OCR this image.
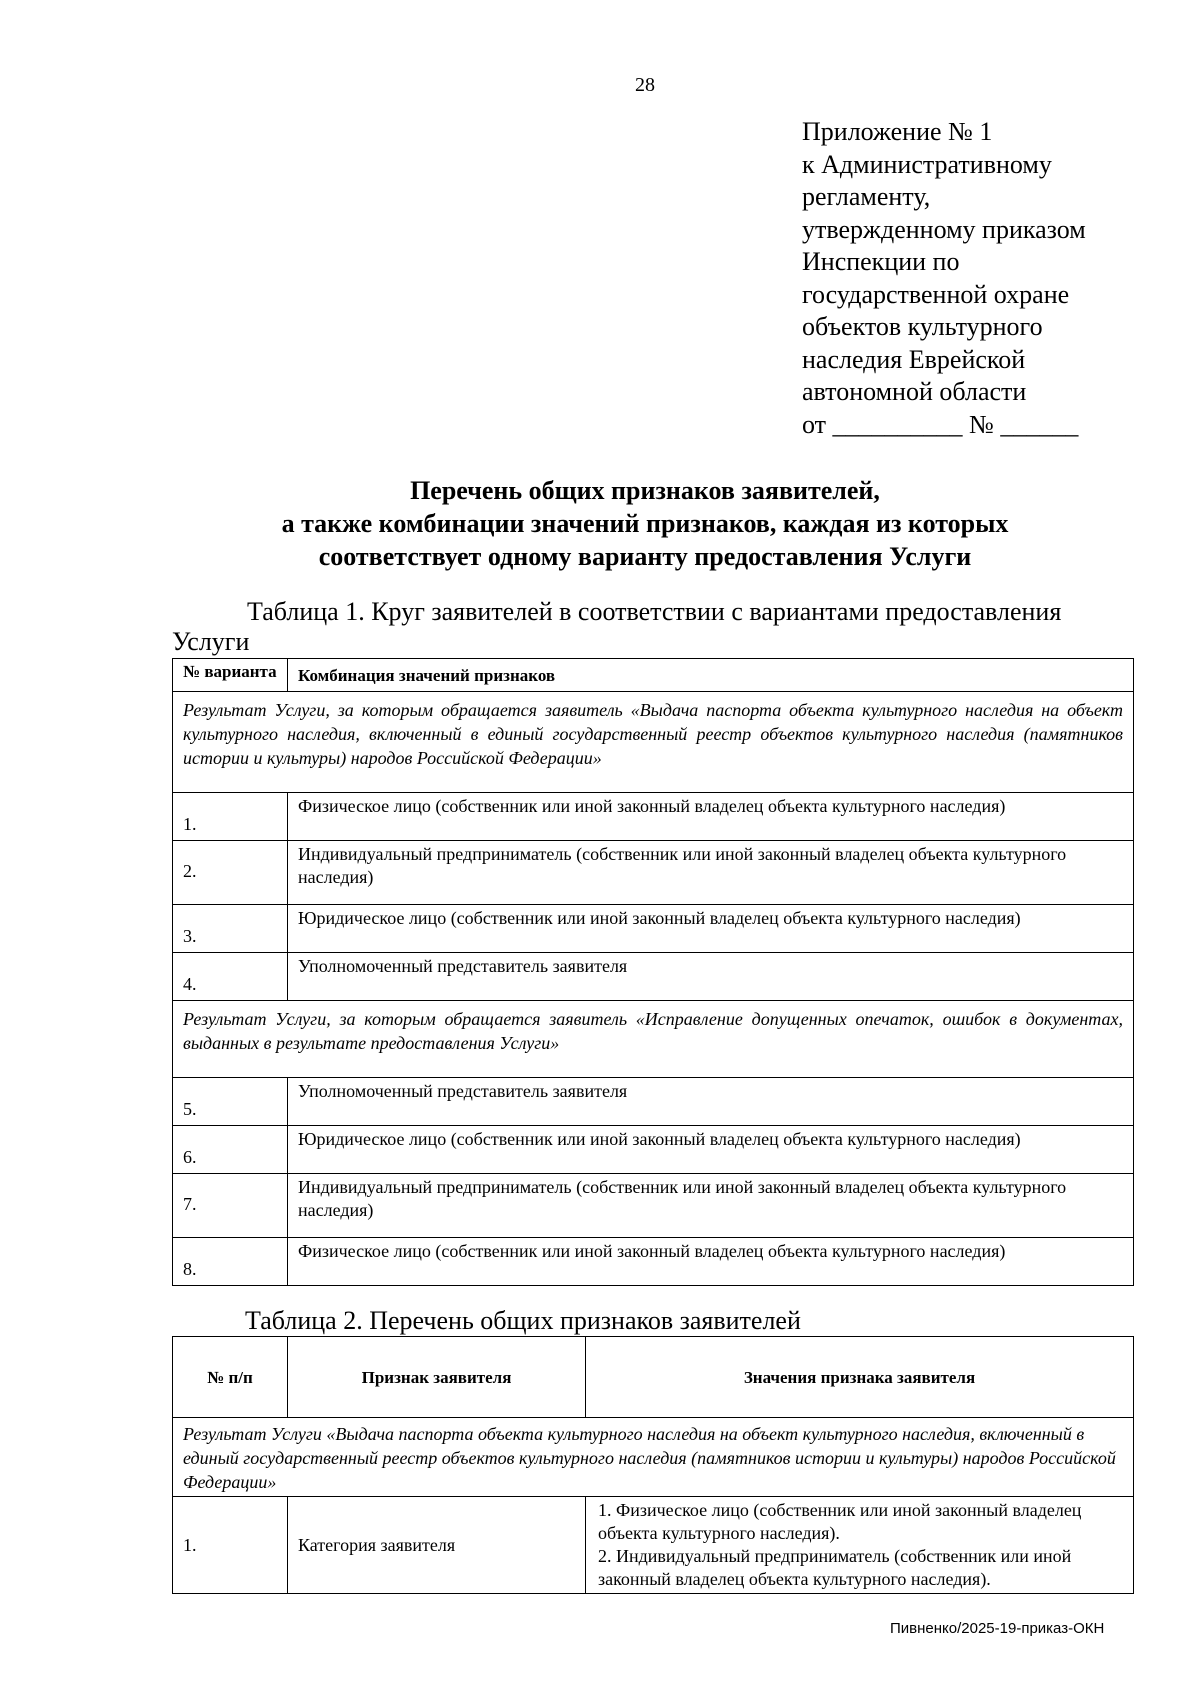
28
Приложение № 1
к Административному
регламенту,
утвержденному приказом
Инспекции по
государственной охране
объектов культурного
наследия Еврейской
автономной области
от __________ № ______
Перечень общих признаков заявителей,
а также комбинации значений признаков, каждая из которых
соответствует одному варианту предоставления Услуги
Таблица 1. Круг заявителей в соответствии с вариантами предоставления
Услуги
№ варианта	Комбинация значений признаков
Результат Услуги, за которым обращается заявитель «Выдача паспорта объекта культурного наследия на объект культурного наследия, включенный в единый государственный реестр объектов культурного наследия (памятников истории и культуры) народов Российской Федерации»	
1.	Физическое лицо (собственник или иной законный владелец объекта культурного наследия)
2.	Индивидуальный предприниматель (собственник или иной законный владелец объекта культурного наследия)
3.	Юридическое лицо (собственник или иной законный владелец объекта культурного наследия)
4.	Уполномоченный представитель заявителя
Результат Услуги, за которым обращается заявитель «Исправление допущенных опечаток, ошибок в документах, выданных в результате предоставления Услуги»	
5.	Уполномоченный представитель заявителя
6.	Юридическое лицо (собственник или иной законный владелец объекта культурного наследия)
7.	Индивидуальный предприниматель (собственник или иной законный владелец объекта культурного наследия)
8.	Физическое лицо (собственник или иной законный владелец объекта культурного наследия)
Таблица 2. Перечень общих признаков заявителей
№ п/п	Признак заявителя	Значения признака заявителя
Результат Услуги «Выдача паспорта объекта культурного наследия на объект культурного наследия, включенный в единый государственный реестр объектов культурного наследия (памятников истории и культуры) народов Российской Федерации»		
1.	Категория заявителя	1. Физическое лицо (собственник или иной законный владелец объекта культурного наследия).
2. Индивидуальный предприниматель (собственник или иной законный владелец объекта культурного наследия).
Пивненко/2025-19-приказ-ОКН
